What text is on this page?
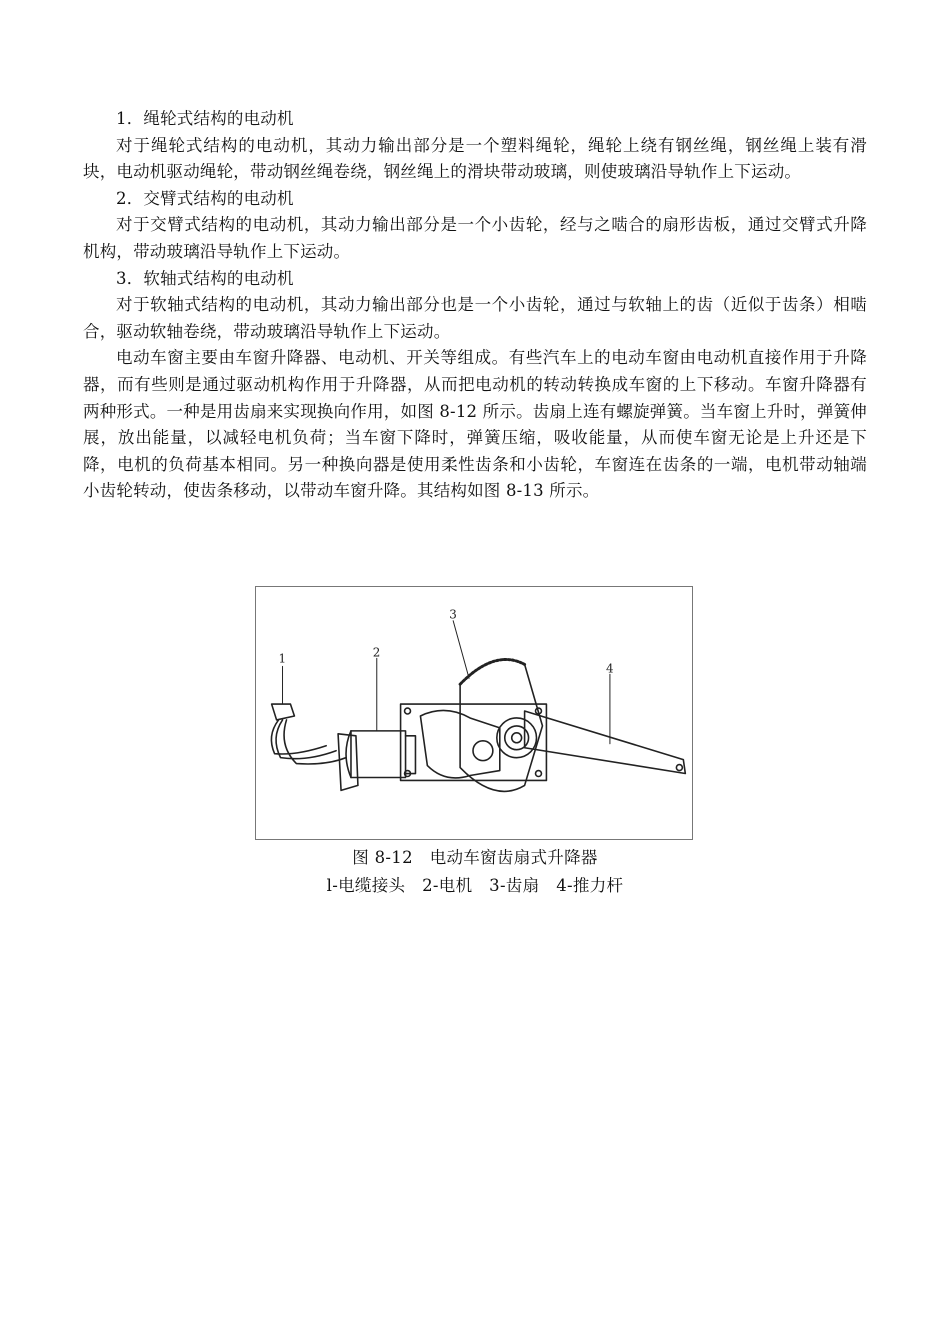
1．绳轮式结构的电动机

对于绳轮式结构的电动机，其动力输出部分是一个塑料绳轮，绳轮上绕有钢丝绳，钢丝绳上装有滑块，电动机驱动绳轮，带动钢丝绳卷绕，钢丝绳上的滑块带动玻璃，则使玻璃沿导轨作上下运动。

2．交臂式结构的电动机

对于交臂式结构的电动机，其动力输出部分是一个小齿轮，经与之啮合的扇形齿板，通过交臂式升降机构，带动玻璃沿导轨作上下运动。

3．软轴式结构的电动机

对于软轴式结构的电动机，其动力输出部分也是一个小齿轮，通过与软轴上的齿（近似于齿条）相啮合，驱动软轴卷绕，带动玻璃沿导轨作上下运动。

电动车窗主要由车窗升降器、电动机、开关等组成。有些汽车上的电动车窗由电动机直接作用于升降器，而有些则是通过驱动机构作用于升降器，从而把电动机的转动转换成车窗的上下移动。车窗升降器有两种形式。一种是用齿扇来实现换向作用，如图 8-12 所示。齿扇上连有螺旋弹簧。当车窗上升时，弹簧伸展，放出能量，以减轻电机负荷；当车窗下降时，弹簧压缩，吸收能量，从而使车窗无论是上升还是下降，电机的负荷基本相同。另一种换向器是使用柔性齿条和小齿轮，车窗连在齿条的一端，电机带动轴端小齿轮转动，使齿条移动，以带动车窗升降。其结构如图 8-13 所示。

1	2
3
4
图 8-12　电动车窗齿扇式升降器
l-电缆接头　2-电机　3-齿扇　4-推力杆
